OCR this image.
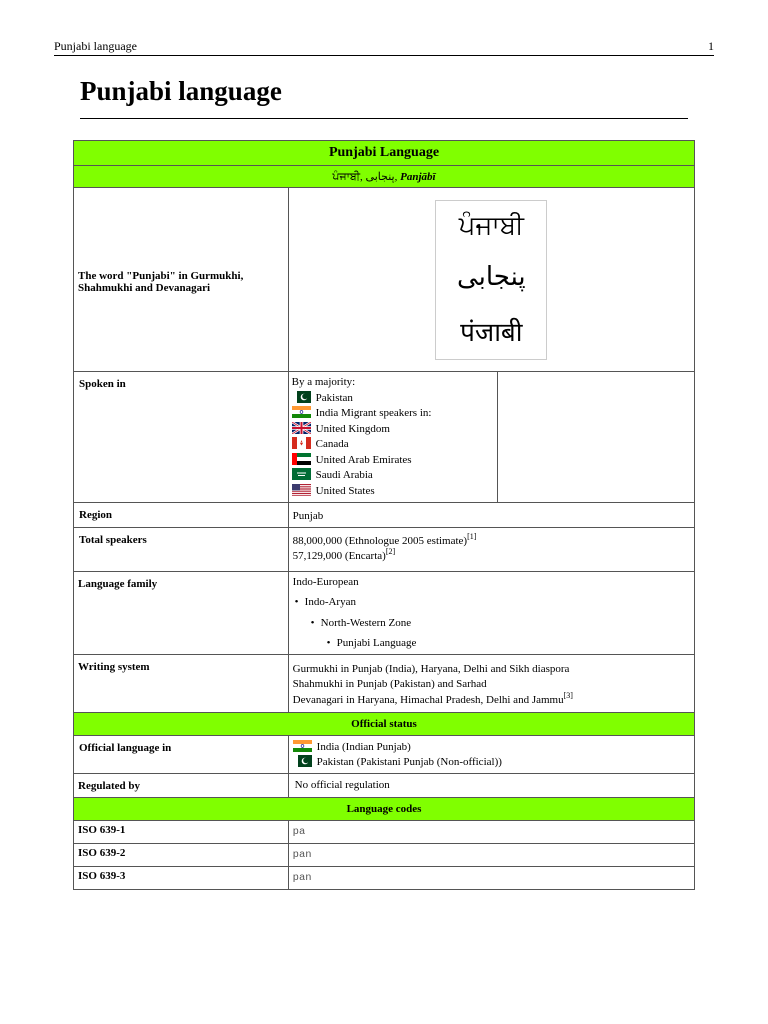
Punjabi language	1
Punjabi language
Punjabi Language
ਪੰਜਾਬੀ, پنجابی, Panjābī
The word "Punjabi" in Gurmukhi, Shahmukhi and Devanagari	
ਪੰਜਾਬੀ
پنجابی
पंजाबी

Spoken in		By a majority:
Pakistan
India Migrant speakers in:
United Kingdom
Canada
United Arab Emirates
Saudi Arabia
United States

Region	Punjab
Total speakers	88,000,000 (Ethnologue 2005 estimate)[1]
57,129,000 (Encarta)[2]

Language family	Indo-European
• Indo-Aryan
• North-Western Zone
• Punjabi Language

Writing system	Gurmukhi in Punjab (India), Haryana, Delhi and Sikh diaspora
Shahmukhi in Punjab (Pakistan) and Sarhad
Devanagari in Haryana, Himachal Pradesh, Delhi and Jammu[3]

Official status
Official language in	India (Indian Punjab)
Pakistan (Pakistani Punjab (Non-official))

Regulated by	No official regulation
Language codes
ISO 639-1	pa
ISO 639-2	pan
ISO 639-3	pan
